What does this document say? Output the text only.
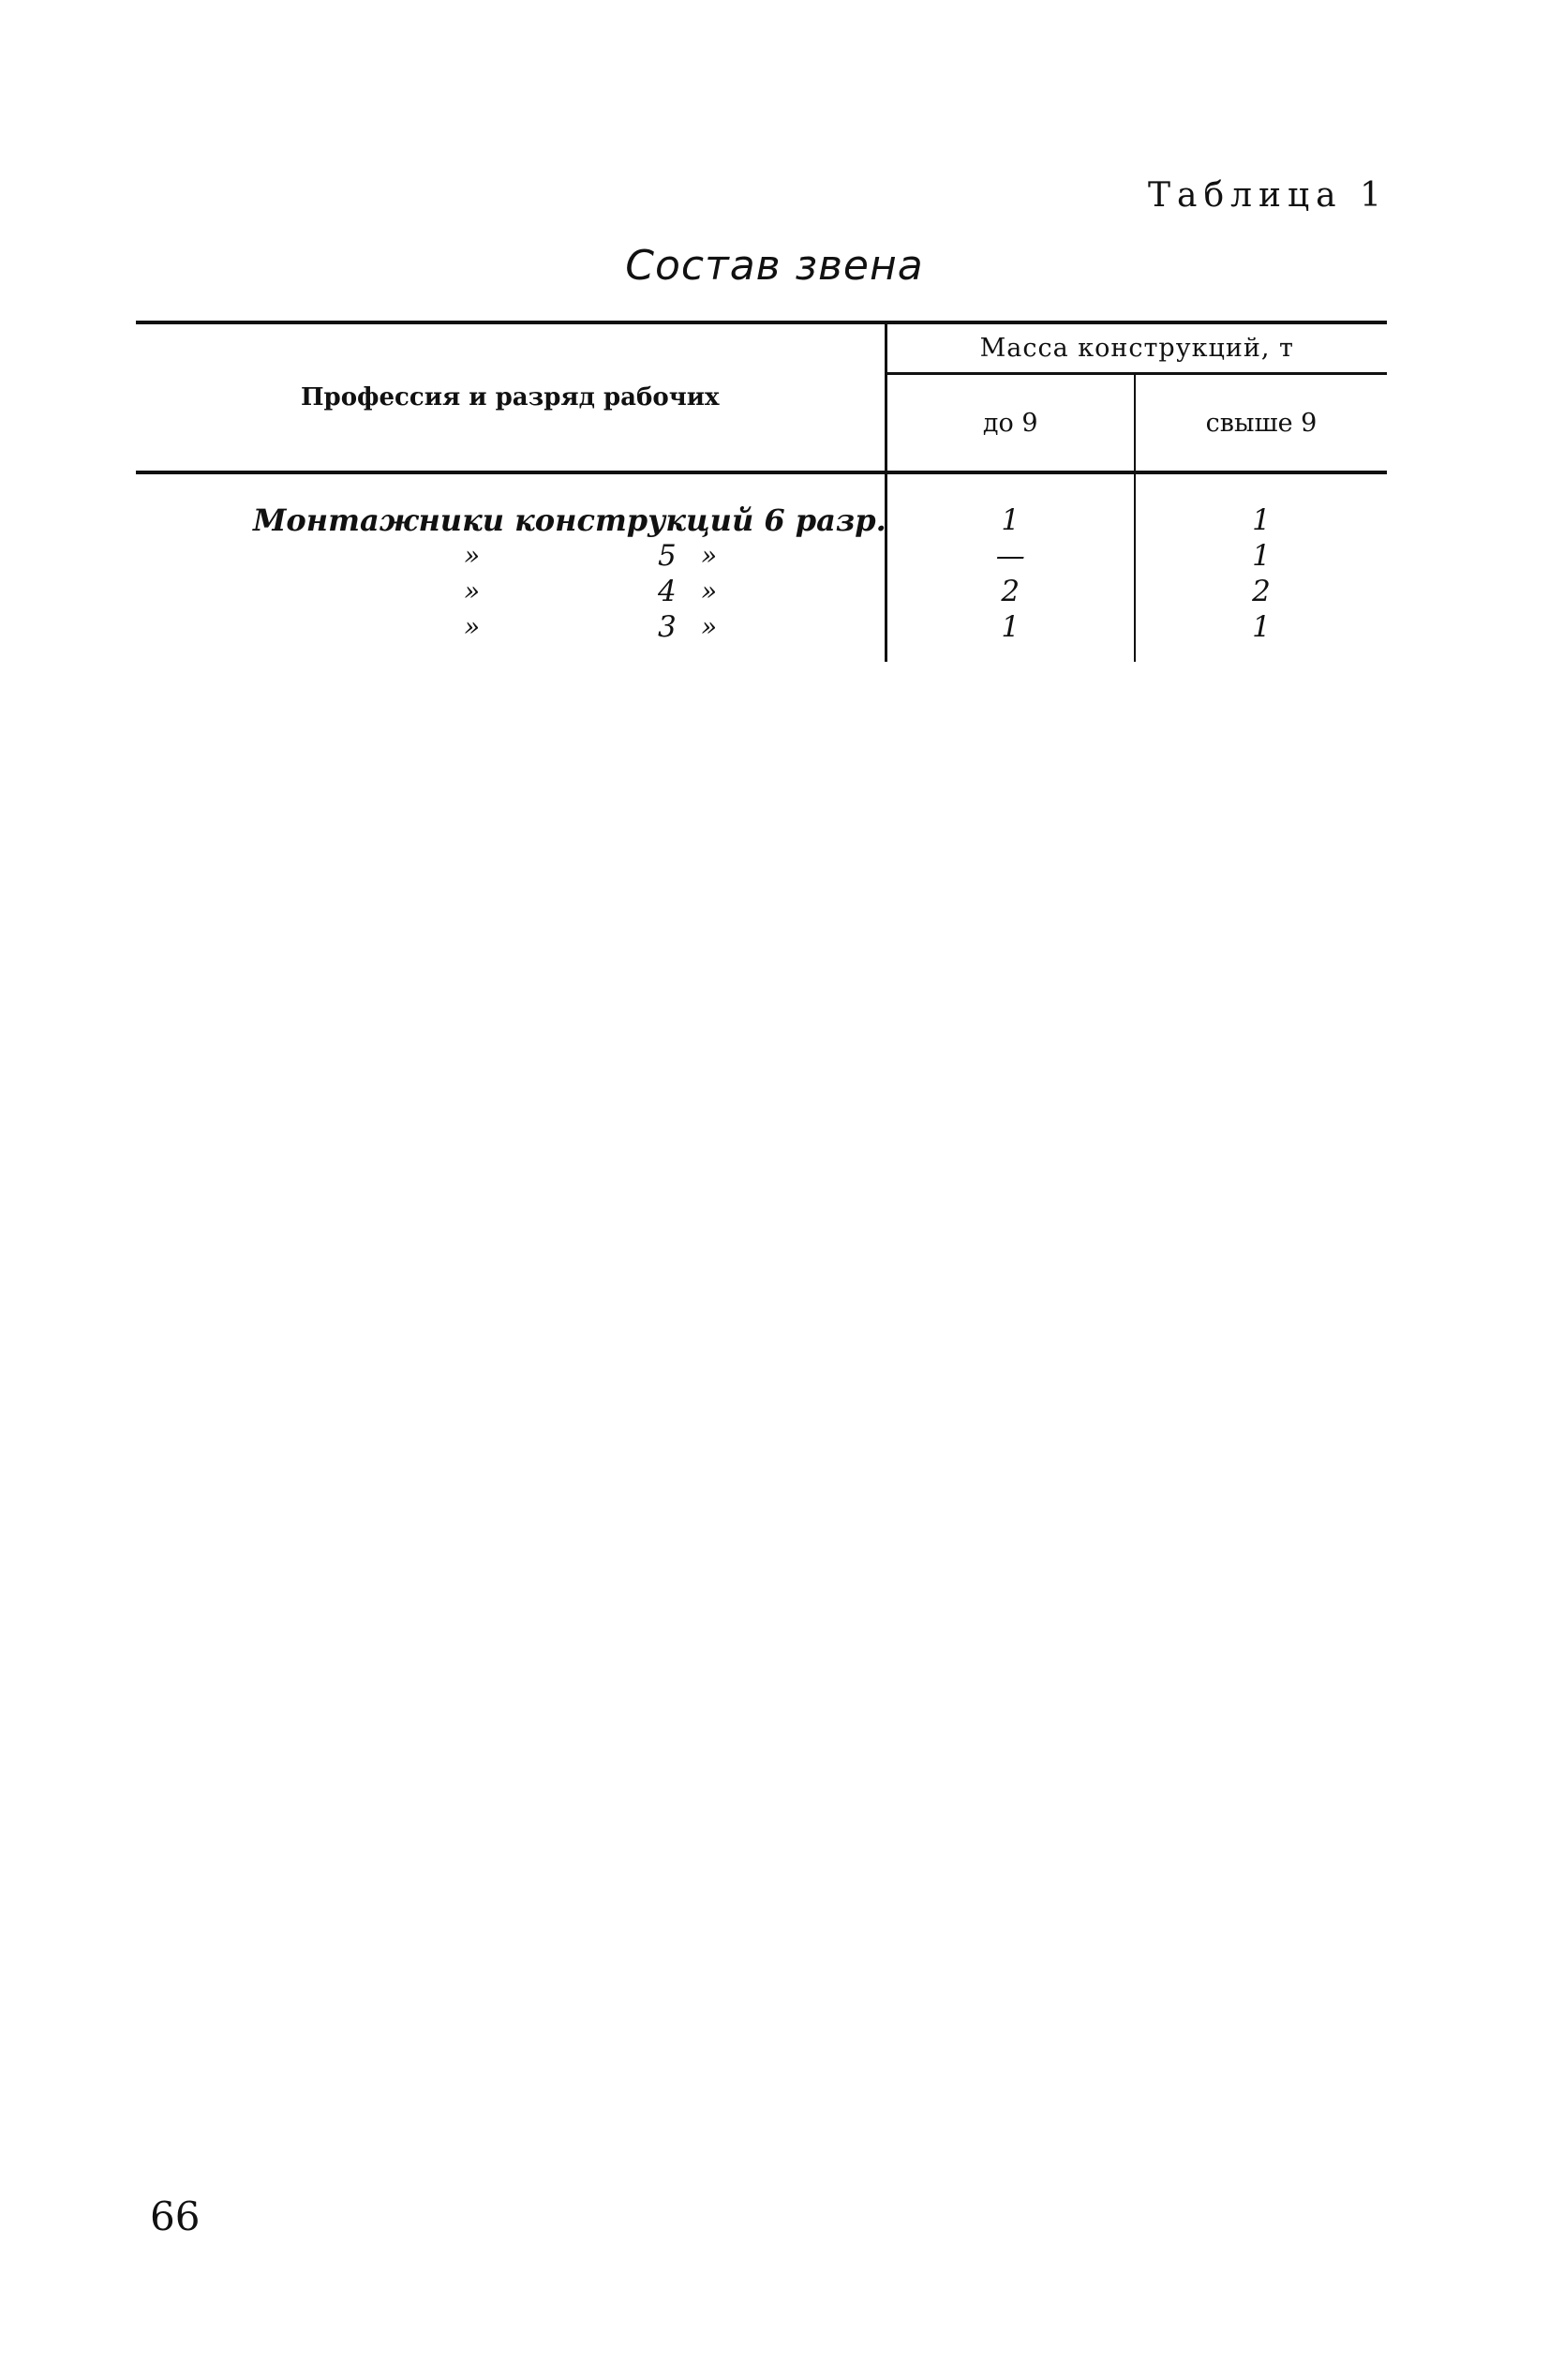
Таблица 1
Состав звена
Профессия и разряд рабочих	Масса конструкций, т	
	до 9	свыше 9

Монтажники конструкций 6 разр.	1	1

» 5 »	—	1

» 4 »	2	2

» 3 »	1	1
66
